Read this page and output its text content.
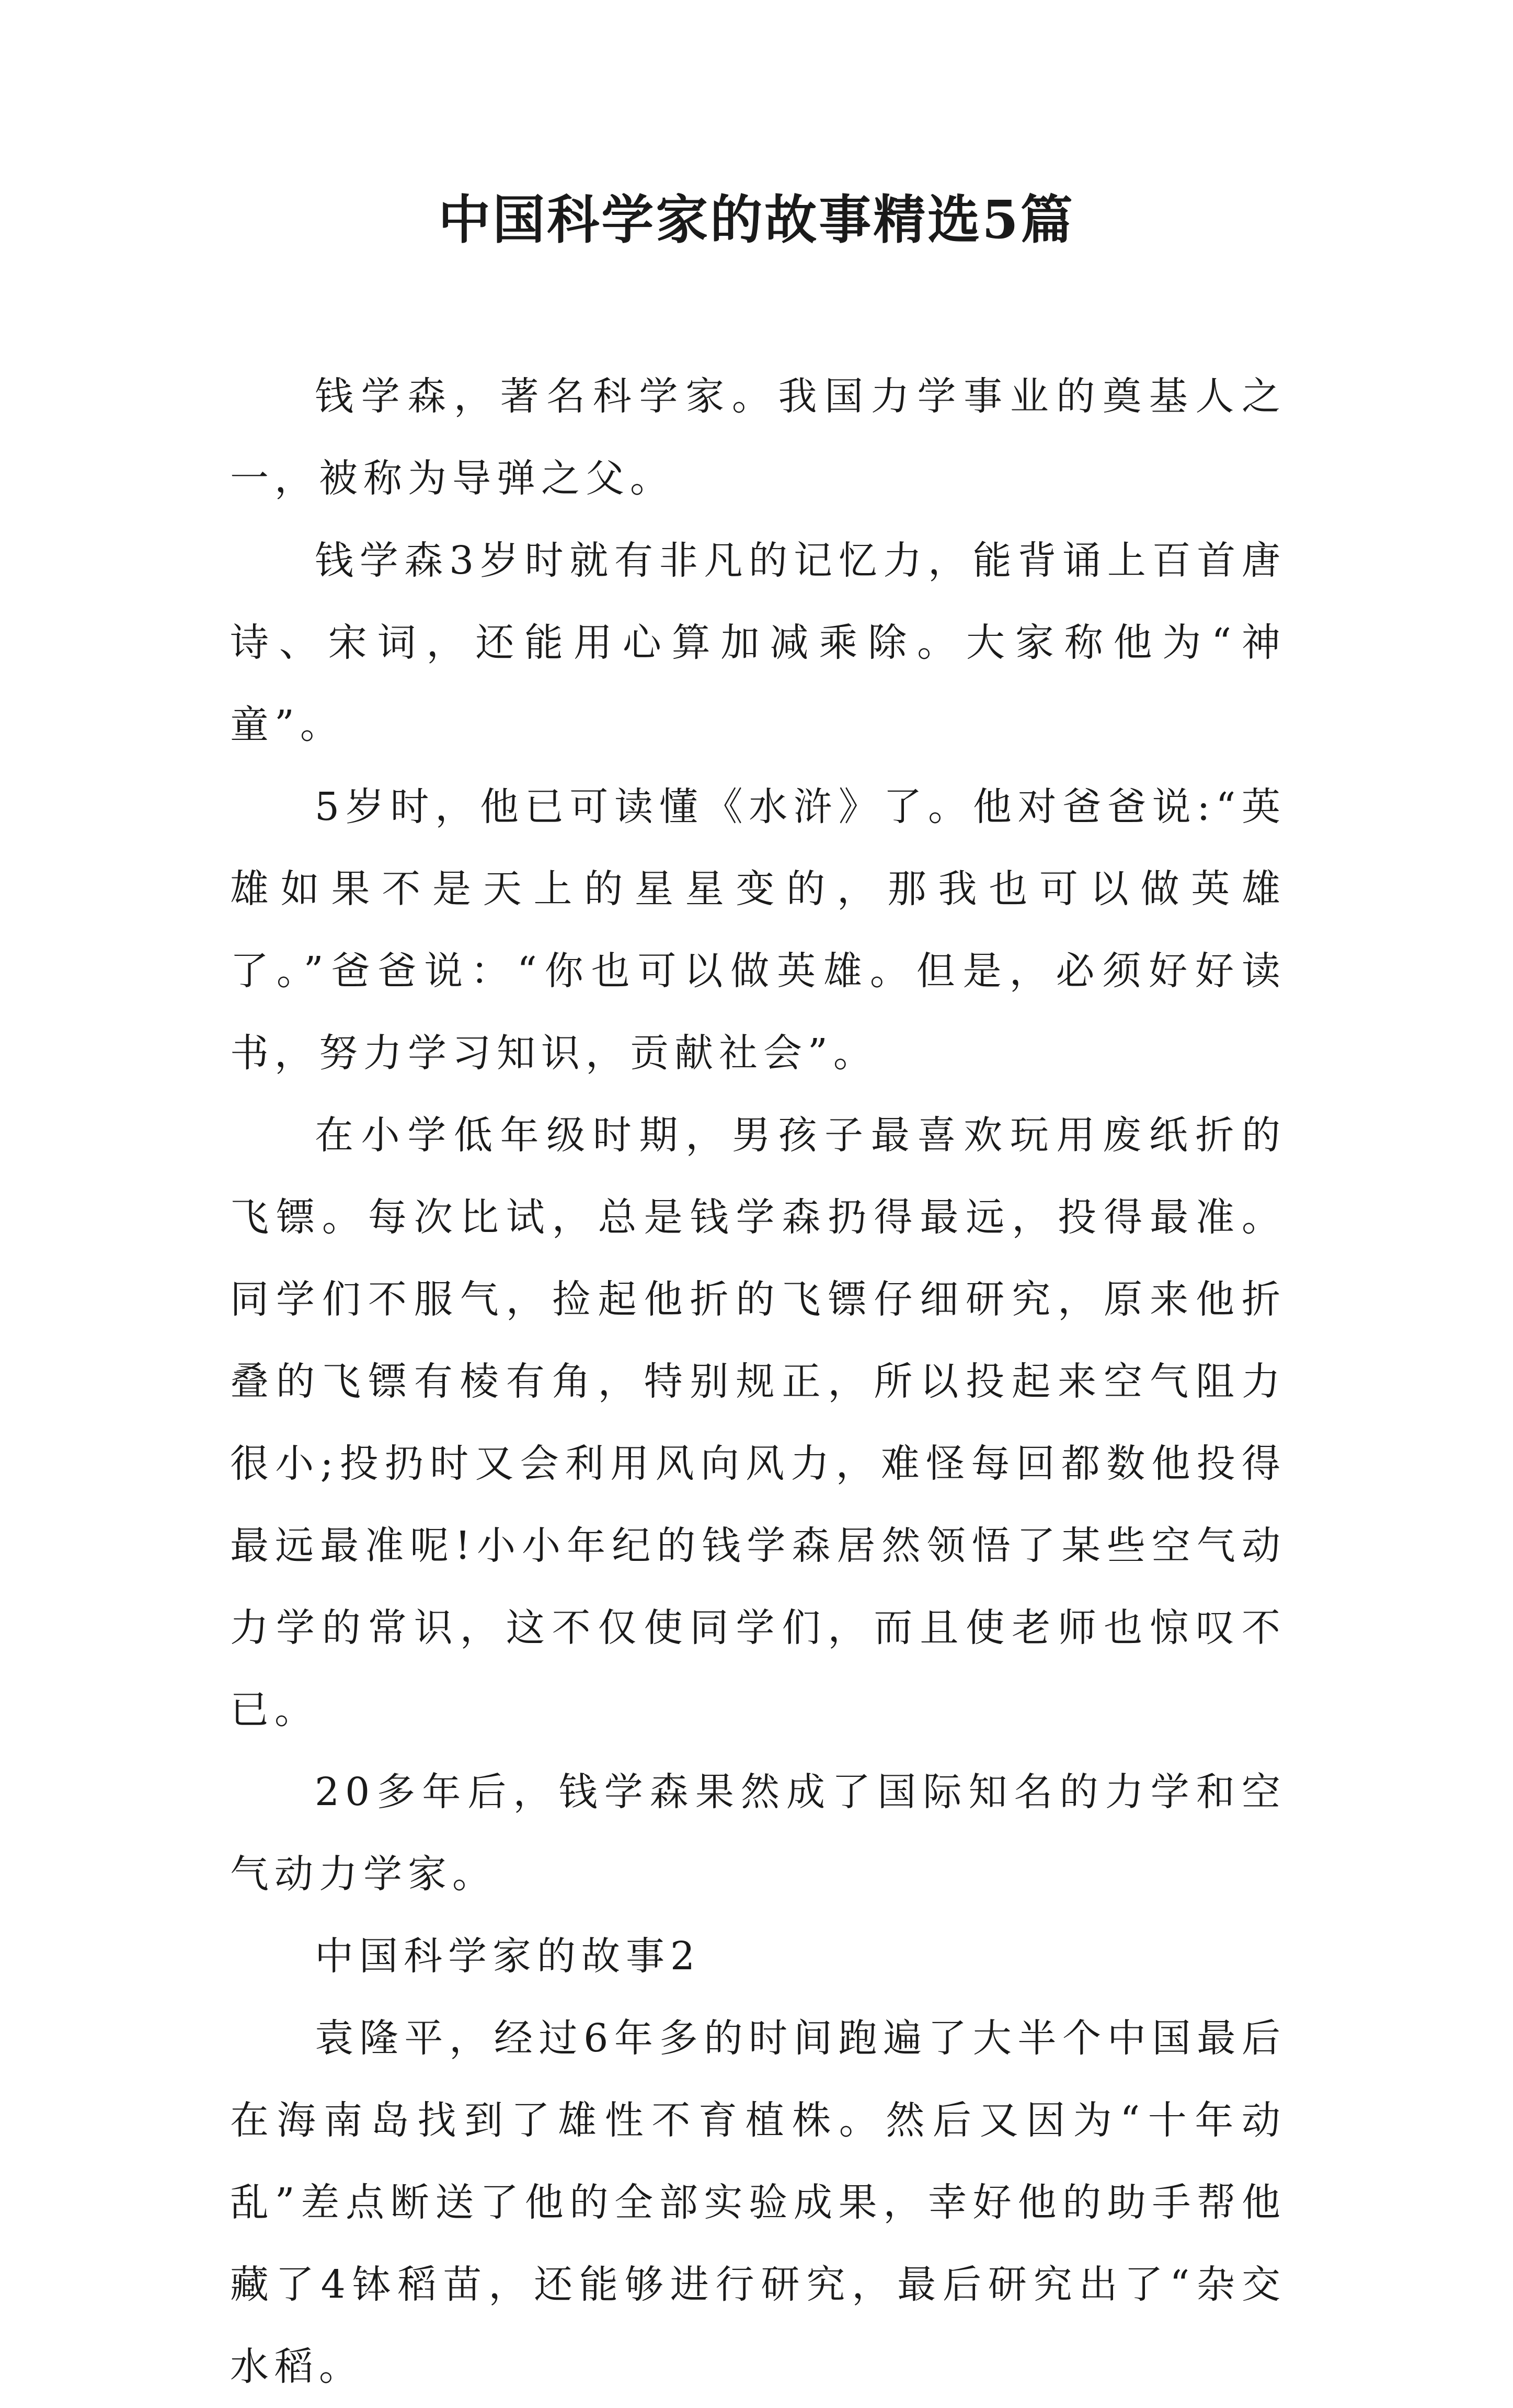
中国科学家的故事精选5篇

钱学森，著名科学家。我国力学事业的奠基人之一，被称为导弹之父。

钱学森3岁时就有非凡的记忆力，能背诵上百首唐诗、宋词，还能用心算加减乘除。大家称他为“神童”。

5岁时，他已可读懂《水浒》了。他对爸爸说:“英雄如果不是天上的星星变的，那我也可以做英雄了。”爸爸说：“你也可以做英雄。但是，必须好好读书，努力学习知识，贡献社会”。

在小学低年级时期，男孩子最喜欢玩用废纸折的飞镖。每次比试，总是钱学森扔得最远，投得最准。同学们不服气，捡起他折的飞镖仔细研究，原来他折叠的飞镖有棱有角，特别规正，所以投起来空气阻力很小;投扔时又会利用风向风力，难怪每回都数他投得最远最准呢!小小年纪的钱学森居然领悟了某些空气动力学的常识，这不仅使同学们，而且使老师也惊叹不已。

20多年后，钱学森果然成了国际知名的力学和空气动力学家。

中国科学家的故事2

袁隆平，经过6年多的时间跑遍了大半个中国最后在海南岛找到了雄性不育植株。然后又因为“十年动乱”差点断送了他的全部实验成果，幸好他的助手帮他藏了4钵稻苗，还能够进行研究，最后研究出了“杂交水稻。
